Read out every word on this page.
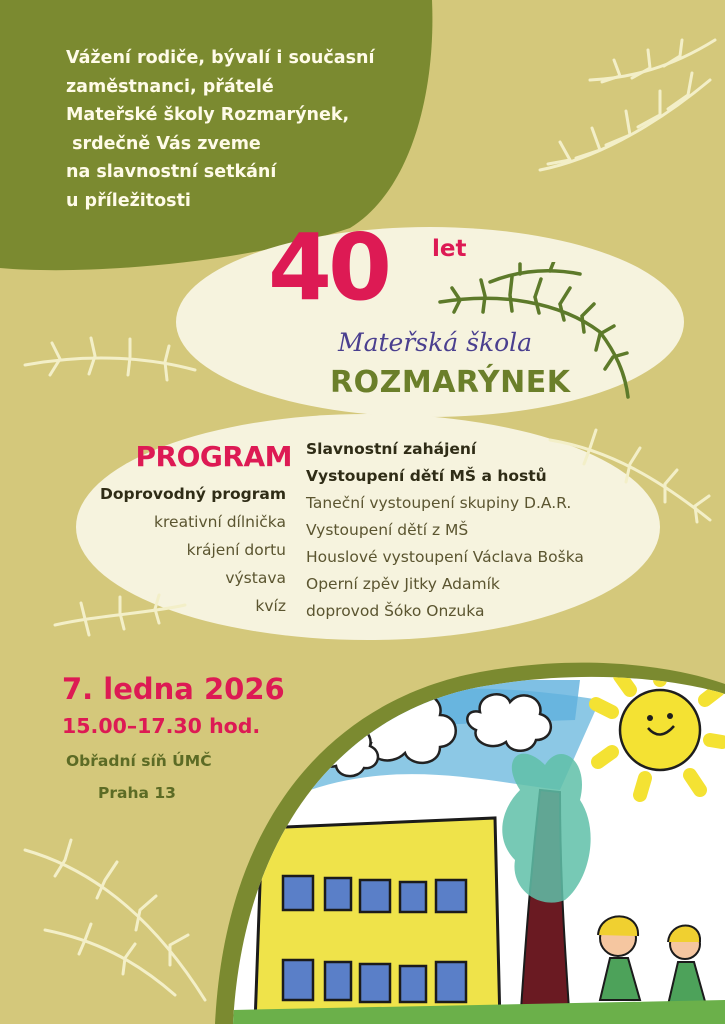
Vážení rodiče, bývalí i současní
zaměstnanci, přátelé
Mateřské školy Rozmarýnek,
srdečně Vás zveme
na slavnostní setkání
u příležitosti
40 let
Mateřská škola
ROZMARÝNEK
PROGRAM
Doprovodný program
kreativní dílnička
krájení dortu
výstava
kvíz
Slavnostní zahájení
Vystoupení dětí MŠ a hostů
Taneční vystoupení skupiny D.A.R.
Vystoupení dětí z MŠ
Houslové vystoupení Václava Boška
Operní zpěv Jitky Adamík
doprovod Šóko Onzuka
7. ledna 2026
15.00–17.30 hod.
Obřadní síň ÚMČ
Praha 13
